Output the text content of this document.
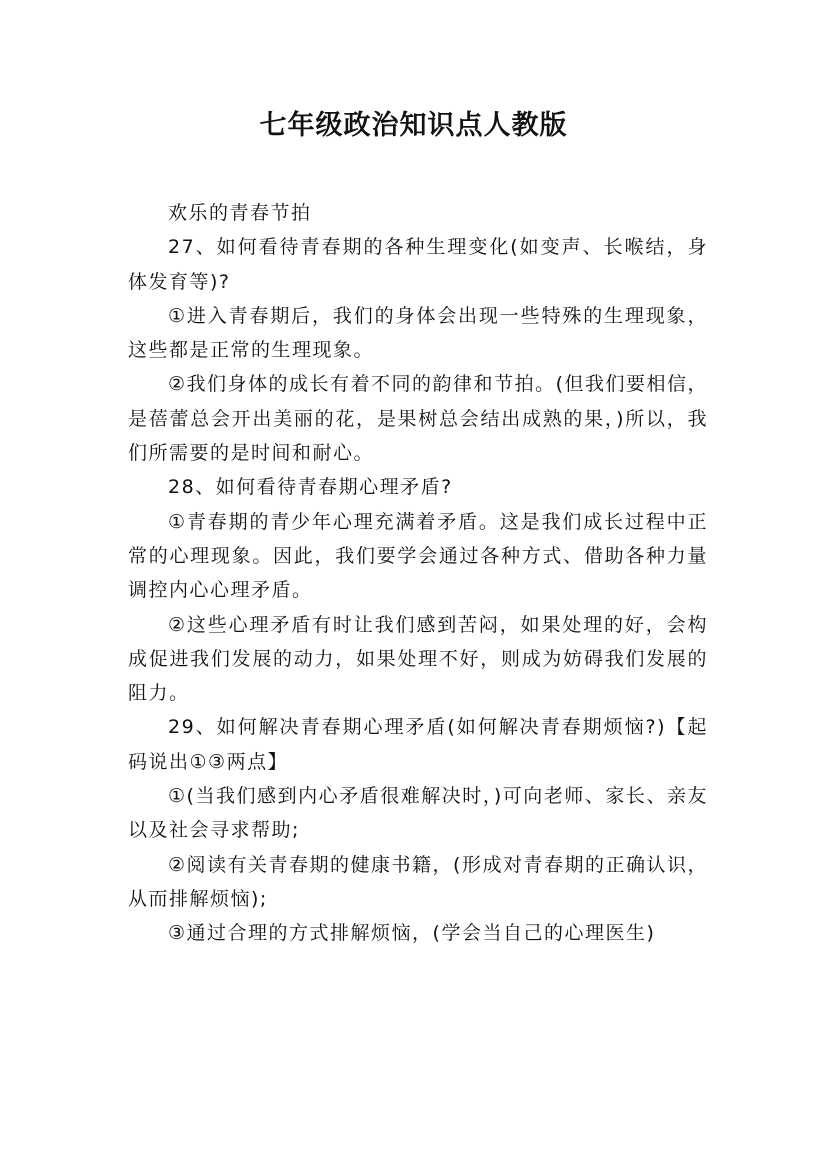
七年级政治知识点人教版

欢乐的青春节拍

27、如何看待青春期的各种生理变化(如变声、长喉结，身体发育等)?

①进入青春期后，我们的身体会出现一些特殊的生理现象，这些都是正常的生理现象。

②我们身体的成长有着不同的韵律和节拍。(但我们要相信，是蓓蕾总会开出美丽的花，是果树总会结出成熟的果，)所以，我们所需要的是时间和耐心。

28、如何看待青春期心理矛盾?

①青春期的青少年心理充满着矛盾。这是我们成长过程中正常的心理现象。因此，我们要学会通过各种方式、借助各种力量调控内心心理矛盾。

②这些心理矛盾有时让我们感到苦闷，如果处理的好，会构成促进我们发展的动力，如果处理不好，则成为妨碍我们发展的阻力。

29、如何解决青春期心理矛盾(如何解决青春期烦恼?)【起码说出①③两点】

①(当我们感到内心矛盾很难解决时，)可向老师、家长、亲友以及社会寻求帮助;

②阅读有关青春期的健康书籍，(形成对青春期的正确认识，从而排解烦恼);

③通过合理的方式排解烦恼，(学会当自己的心理医生)
